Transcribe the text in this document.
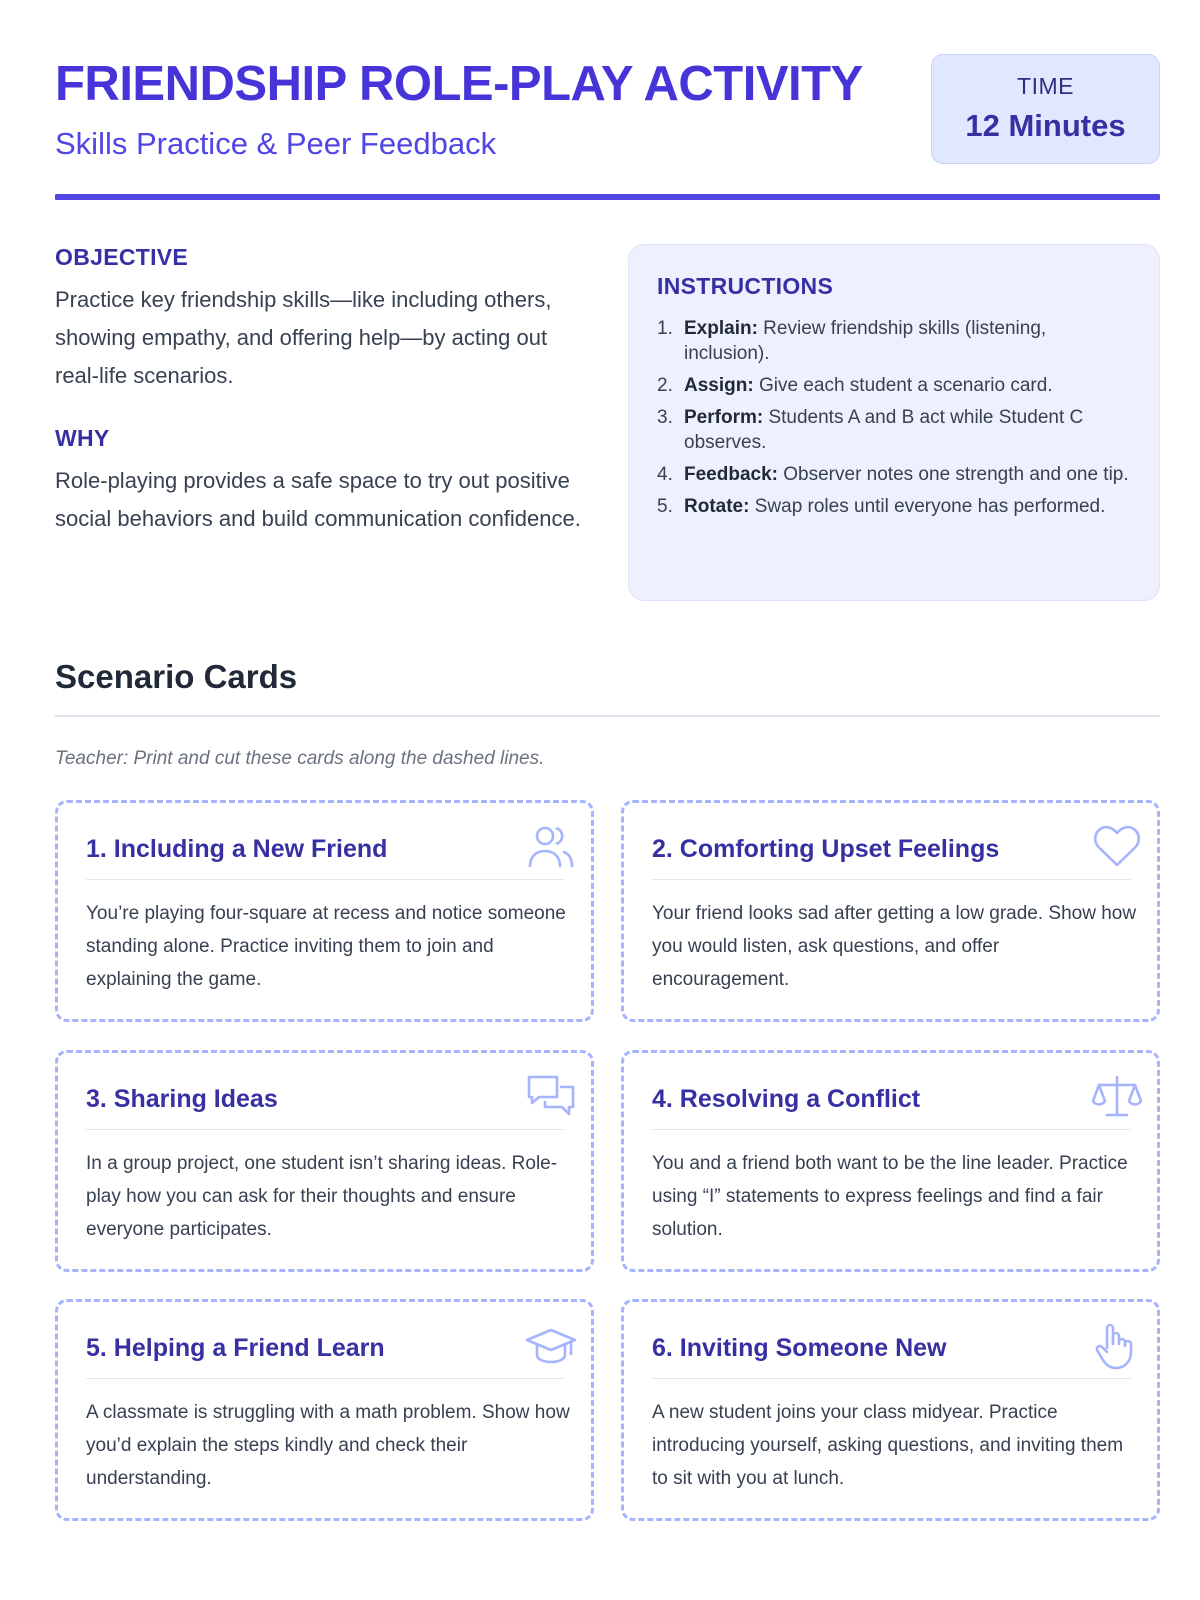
FRIENDSHIP ROLE-PLAY ACTIVITY
Skills Practice & Peer Feedback
TIME
12 Minutes
OBJECTIVE
Practice key friendship skills—like including others, showing empathy, and offering help—by acting out real-life scenarios.
WHY
Role-playing provides a safe space to try out positive social behaviors and build communication confidence.
INSTRUCTIONS
1. Explain: Review friendship skills (listening, inclusion).
2. Assign: Give each student a scenario card.
3. Perform: Students A and B act while Student C observes.
4. Feedback: Observer notes one strength and one tip.
5. Rotate: Swap roles until everyone has performed.
Scenario Cards
Teacher: Print and cut these cards along the dashed lines.
1. Including a New Friend
You’re playing four-square at recess and notice someone standing alone. Practice inviting them to join and explaining the game.
2. Comforting Upset Feelings
Your friend looks sad after getting a low grade. Show how you would listen, ask questions, and offer encouragement.
3. Sharing Ideas
In a group project, one student isn’t sharing ideas. Role-play how you can ask for their thoughts and ensure everyone participates.
4. Resolving a Conflict
You and a friend both want to be the line leader. Practice using “I” statements to express feelings and find a fair solution.
5. Helping a Friend Learn
A classmate is struggling with a math problem. Show how you’d explain the steps kindly and check their understanding.
6. Inviting Someone New
A new student joins your class midyear. Practice introducing yourself, asking questions, and inviting them to sit with you at lunch.
